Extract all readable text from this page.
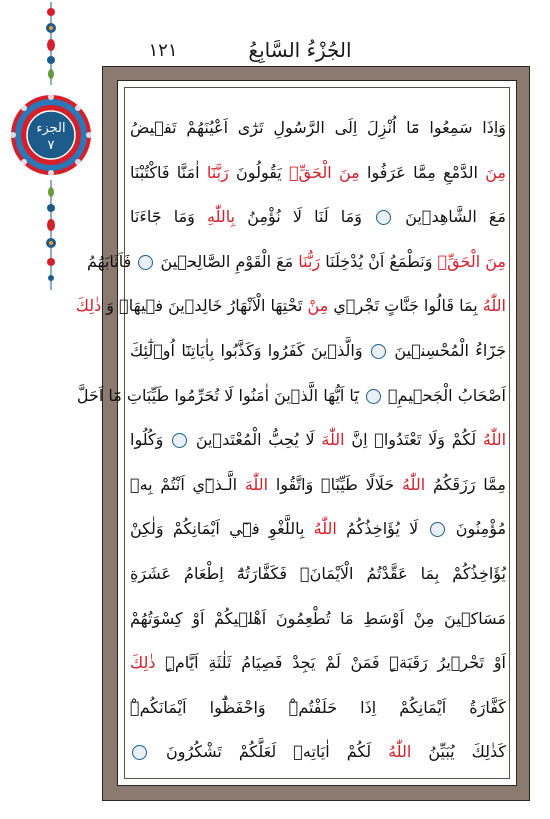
الجزء
٧
الجُزْءُ السَّابِعُ
١٢١
وَاِذَا سَمِعُوا مَٓا اُنْزِلَ اِلَى الرَّسُولِ تَرٰٓى اَعْيُنَهُمْ تَف۪يضُ
مِنَ الدَّمْعِ مِمَّا عَرَفُوا مِنَ الْحَقِّۚ يَقُولُونَ رَبَّنَٓا اٰمَنَّا فَاكْتُبْنَا
مَعَ الشَّاهِد۪ينَ  وَمَا لَنَا لَا نُؤْمِنُ بِاللّٰهِ وَمَا جَٓاءَنَا
مِنَ الْحَقِّۙ وَنَطْمَعُ اَنْ يُدْخِلَنَا رَبُّنَا مَعَ الْقَوْمِ الصَّالِح۪ينَ  فَاَثَابَهُمُ
اللّٰهُ بِمَا قَالُوا جَنَّاتٍ تَجْر۪ي مِنْ تَحْتِهَا الْاَنْهَارُ خَالِد۪ينَ ف۪يهَاۜ وَ ذٰلِكَ
جَزَٓاءُ الْمُحْسِن۪ينَ  وَالَّذ۪ينَ كَفَرُوا وَكَذَّبُوا بِاٰيَاتِنَٓا اُو۬لٰٓئِكَ
اَصْحَابُ الْجَح۪يمِ۟  يَٓا اَيُّهَا الَّذ۪ينَ اٰمَنُوا لَا تُحَرِّمُوا طَيِّبَاتِ مَٓا اَحَلَّ
اللّٰهُ لَكُمْ وَلَا تَعْتَدُواۜ اِنَّ اللّٰهَ لَا يُحِبُّ الْمُعْتَد۪ينَ  وَكُلُوا
مِمَّا رَزَقَكُمُ اللّٰهُ حَلَالًا طَيِّبًاۖ وَاتَّقُوا اللّٰهَ الَّـذ۪ٓي اَنْتُمْ بِه۪
مُؤْمِنُونَ  لَا يُؤَاخِذُكُمُ اللّٰهُ بِاللَّغْوِ ف۪ٓي اَيْمَانِكُمْ وَلٰكِنْ
يُؤَاخِذُكُمْ بِمَا عَقَّدْتُمُ الْاَيْمَانَۚ فَكَفَّارَتُهُٓ اِطْعَامُ عَشَرَةِ
مَسَاك۪ينَ مِنْ اَوْسَطِ مَا تُطْعِمُونَ اَهْل۪يكُمْ اَوْ كِسْوَتُهُمْ
اَوْ تَحْر۪يرُ رَقَبَةٍۜ فَمَنْ لَمْ يَجِدْ فَصِيَامُ ثَلٰثَةِ اَيَّامٍۜ ذٰلِكَ
كَفَّارَةُ اَيْمَانِكُمْ اِذَا حَلَفْتُمْۜ وَاحْفَظُٓوا اَيْمَانَكُمْۜ
كَذٰلِكَ يُبَيِّنُ اللّٰهُ لَكُمْ اٰيَاتِه۪ لَعَلَّكُمْ تَشْكُرُونَ
